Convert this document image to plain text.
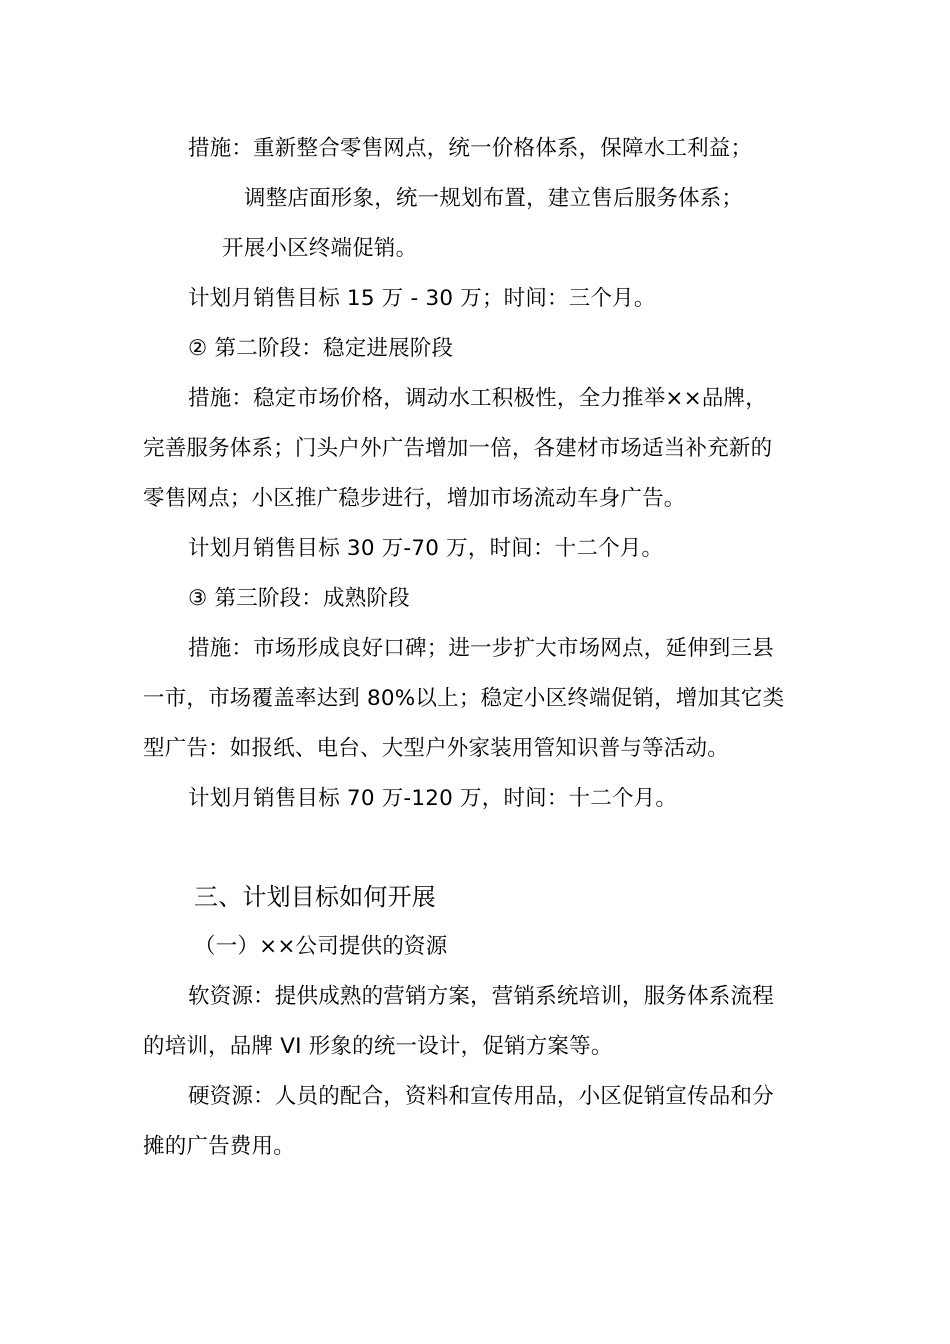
措施：重新整合零售网点，统一价格体系，保障水工利益；
调整店面形象，统一规划布置，建立售后服务体系；
开展小区终端促销。
计划月销售目标 15 万 - 30 万；时间：三个月。
② 第二阶段：稳定进展阶段
措施：稳定市场价格，调动水工积极性，全力推举××品牌，
完善服务体系；门头户外广告增加一倍，各建材市场适当补充新的
零售网点；小区推广稳步进行，增加市场流动车身广告。
计划月销售目标 30 万-70 万，时间：十二个月。
③ 第三阶段：成熟阶段
措施：市场形成良好口碑；进一步扩大市场网点，延伸到三县
一市，市场覆盖率达到 80%以上；稳定小区终端促销，增加其它类
型广告：如报纸、电台、大型户外家装用管知识普与等活动。
计划月销售目标 70 万-120 万，时间：十二个月。
三、计划目标如何开展
（一）××公司提供的资源
软资源：提供成熟的营销方案，营销系统培训，服务体系流程
的培训，品牌 VI 形象的统一设计，促销方案等。
硬资源：人员的配合，资料和宣传用品，小区促销宣传品和分
摊的广告费用。
